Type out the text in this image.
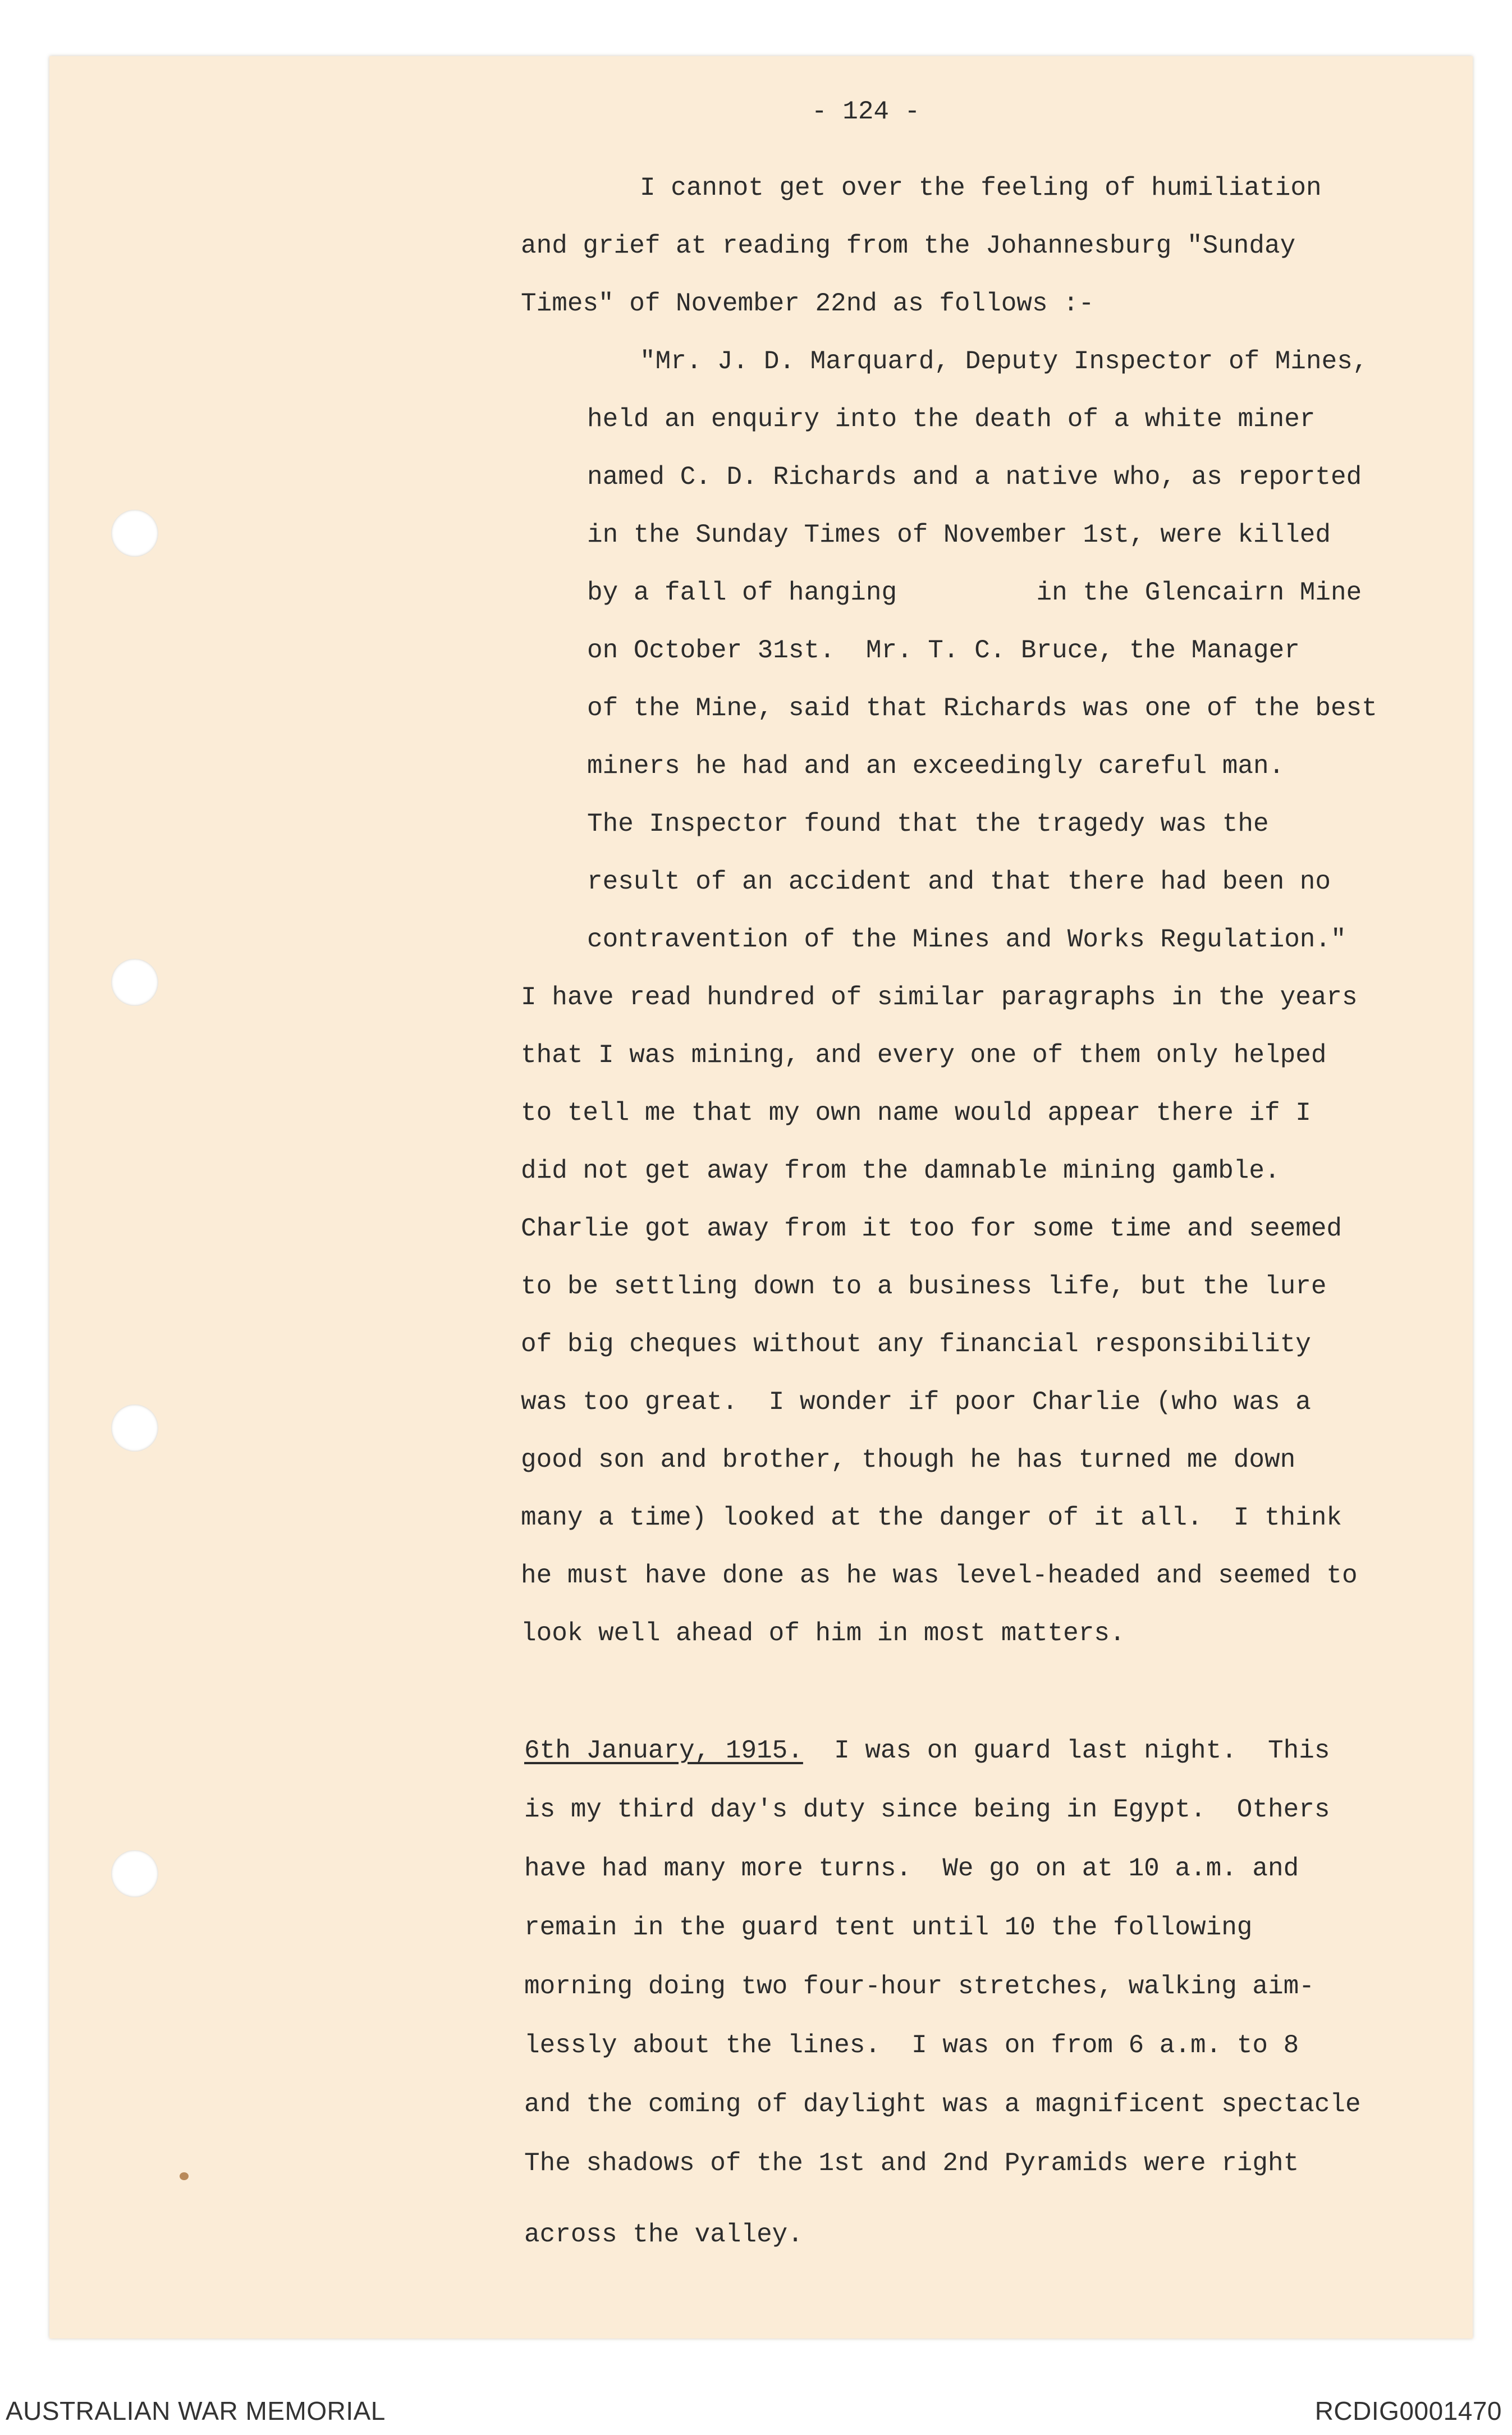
- 124 -
I cannot get over the feeling of humiliation
and grief at reading from the Johannesburg "Sunday
Times" of November 22nd as follows :-
"Mr. J. D. Marquard, Deputy Inspector of Mines,
held an enquiry into the death of a white miner
named C. D. Richards and a native who, as reported
in the Sunday Times of November 1st, were killed
by a fall of hanging         in the Glencairn Mine
on October 31st.  Mr. T. C. Bruce, the Manager
of the Mine, said that Richards was one of the best
miners he had and an exceedingly careful man.
The Inspector found that the tragedy was the
result of an accident and that there had been no
contravention of the Mines and Works Regulation."
I have read hundred of similar paragraphs in the years
that I was mining, and every one of them only helped
to tell me that my own name would appear there if I
did not get away from the damnable mining gamble.
Charlie got away from it too for some time and seemed
to be settling down to a business life, but the lure
of big cheques without any financial responsibility
was too great.  I wonder if poor Charlie (who was a
good son and brother, though he has turned me down
many a time) looked at the danger of it all.  I think
he must have done as he was level-headed and seemed to
look well ahead of him in most matters.
6th January, 1915. I was on guard last night.  This
is my third day's duty since being in Egypt.  Others
have had many more turns.  We go on at 10 a.m. and
remain in the guard tent until 10 the following
morning doing two four-hour stretches, walking aim-
lessly about the lines.  I was on from 6 a.m. to 8
and the coming of daylight was a magnificent spectacle
The shadows of the 1st and 2nd Pyramids were right
across the valley.
AUSTRALIAN WAR MEMORIAL	RCDIG0001470
